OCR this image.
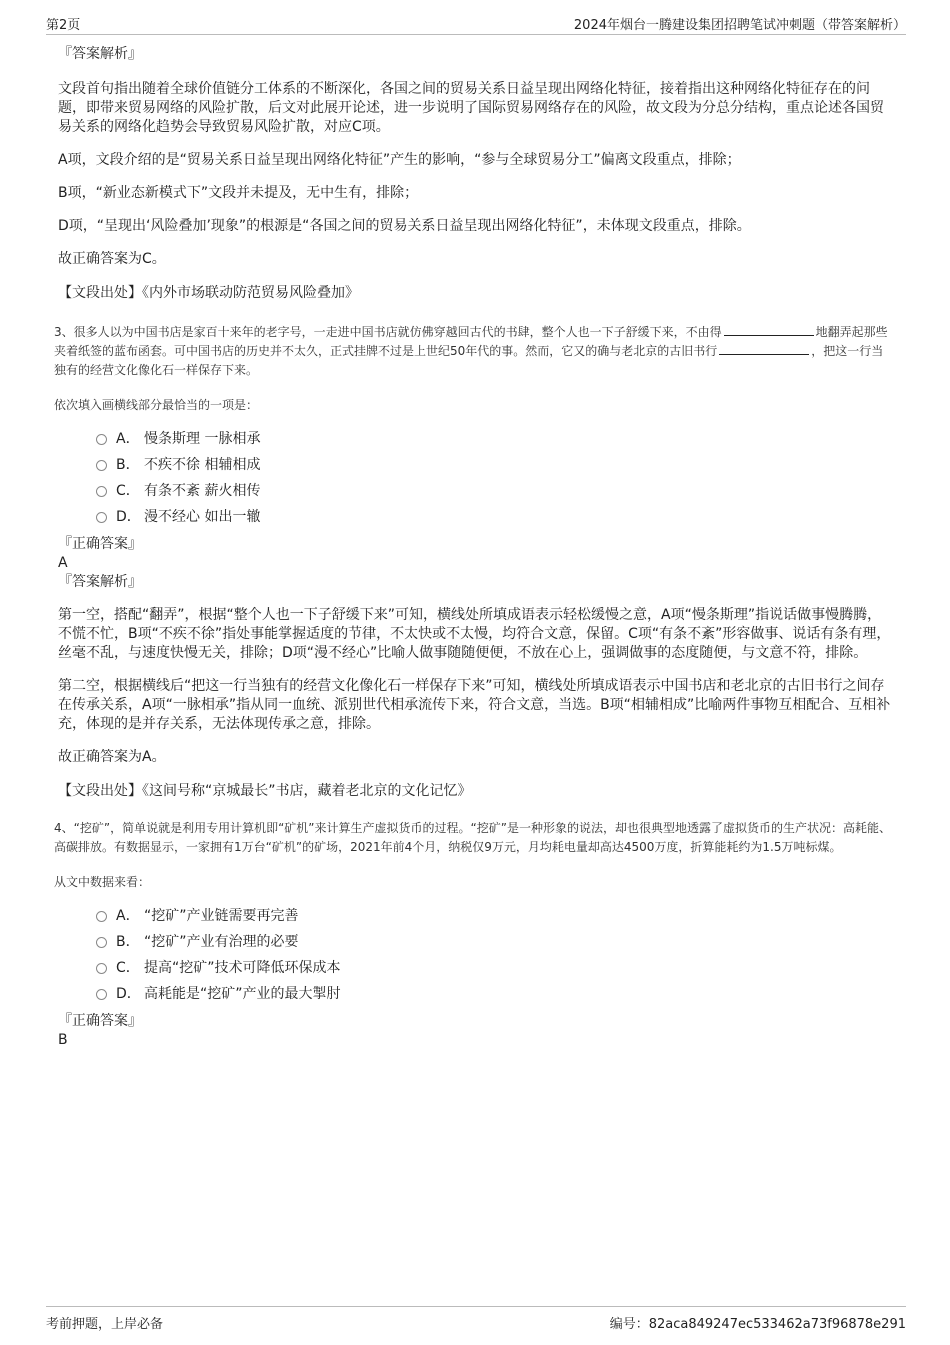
第2页	2024年烟台一腾建设集团招聘笔试冲刺题（带答案解析）
『答案解析』

文段首句指出随着全球价值链分工体系的不断深化，各国之间的贸易关系日益呈现出网络化特征，接着指出这种网络化特征存在的问题，即带来贸易网络的风险扩散，后文对此展开论述，进一步说明了国际贸易网络存在的风险，故文段为分总分结构，重点论述各国贸易关系的网络化趋势会导致贸易风险扩散，对应C项。

A项，文段介绍的是“贸易关系日益呈现出网络化特征”产生的影响，“参与全球贸易分工”偏离文段重点，排除；

B项，“新业态新模式下”文段并未提及，无中生有，排除；

D项，“呈现出‘风险叠加’现象”的根源是“各国之间的贸易关系日益呈现出网络化特征”，未体现文段重点，排除。

故正确答案为C。

【文段出处】《内外市场联动防范贸易风险叠加》

3、很多人以为中国书店是家百十来年的老字号，一走进中国书店就仿佛穿越回古代的书肆，整个人也一下子舒缓下来，不由得	地翻弄起那些夹着纸签的蓝布函套。可中国书店的历史并不太久，正式挂牌不过是上世纪50年代的事。然而，它又的确与老北京的古旧书行	，把这一行当独有的经营文化像化石一样保存下来。

依次填入画横线部分最恰当的一项是：

A． 慢条斯理 一脉相承
B． 不疾不徐 相辅相成
C． 有条不紊 薪火相传
D． 漫不经心 如出一辙
『正确答案』
A
『答案解析』

第一空，搭配“翻弄”，根据“整个人也一下子舒缓下来”可知，横线处所填成语表示轻松缓慢之意，A项“慢条斯理”指说话做事慢腾腾，不慌不忙，B项“不疾不徐”指处事能掌握适度的节律，不太快或不太慢，均符合文意，保留。C项“有条不紊”形容做事、说话有条有理，丝毫不乱，与速度快慢无关，排除；D项“漫不经心”比喻人做事随随便便，不放在心上，强调做事的态度随便，与文意不符，排除。

第二空，根据横线后“把这一行当独有的经营文化像化石一样保存下来”可知，横线处所填成语表示中国书店和老北京的古旧书行之间存在传承关系，A项“一脉相承”指从同一血统、派别世代相承流传下来，符合文意，当选。B项“相辅相成”比喻两件事物互相配合、互相补充，体现的是并存关系，无法体现传承之意，排除。

故正确答案为A。

【文段出处】《这间号称“京城最长”书店，藏着老北京的文化记忆》

4、“挖矿”，简单说就是利用专用计算机即“矿机”来计算生产虚拟货币的过程。“挖矿”是一种形象的说法，却也很典型地透露了虚拟货币的生产状况：高耗能、高碳排放。有数据显示，一家拥有1万台“矿机”的矿场，2021年前4个月，纳税仅9万元，月均耗电量却高达4500万度，折算能耗约为1.5万吨标煤。

从文中数据来看：

A． “挖矿”产业链需要再完善
B． “挖矿”产业有治理的必要
C． 提高“挖矿”技术可降低环保成本
D． 高耗能是“挖矿”产业的最大掣肘
『正确答案』
B
考前押题，上岸必备	编号：82aca849247ec533462a73f96878e291
